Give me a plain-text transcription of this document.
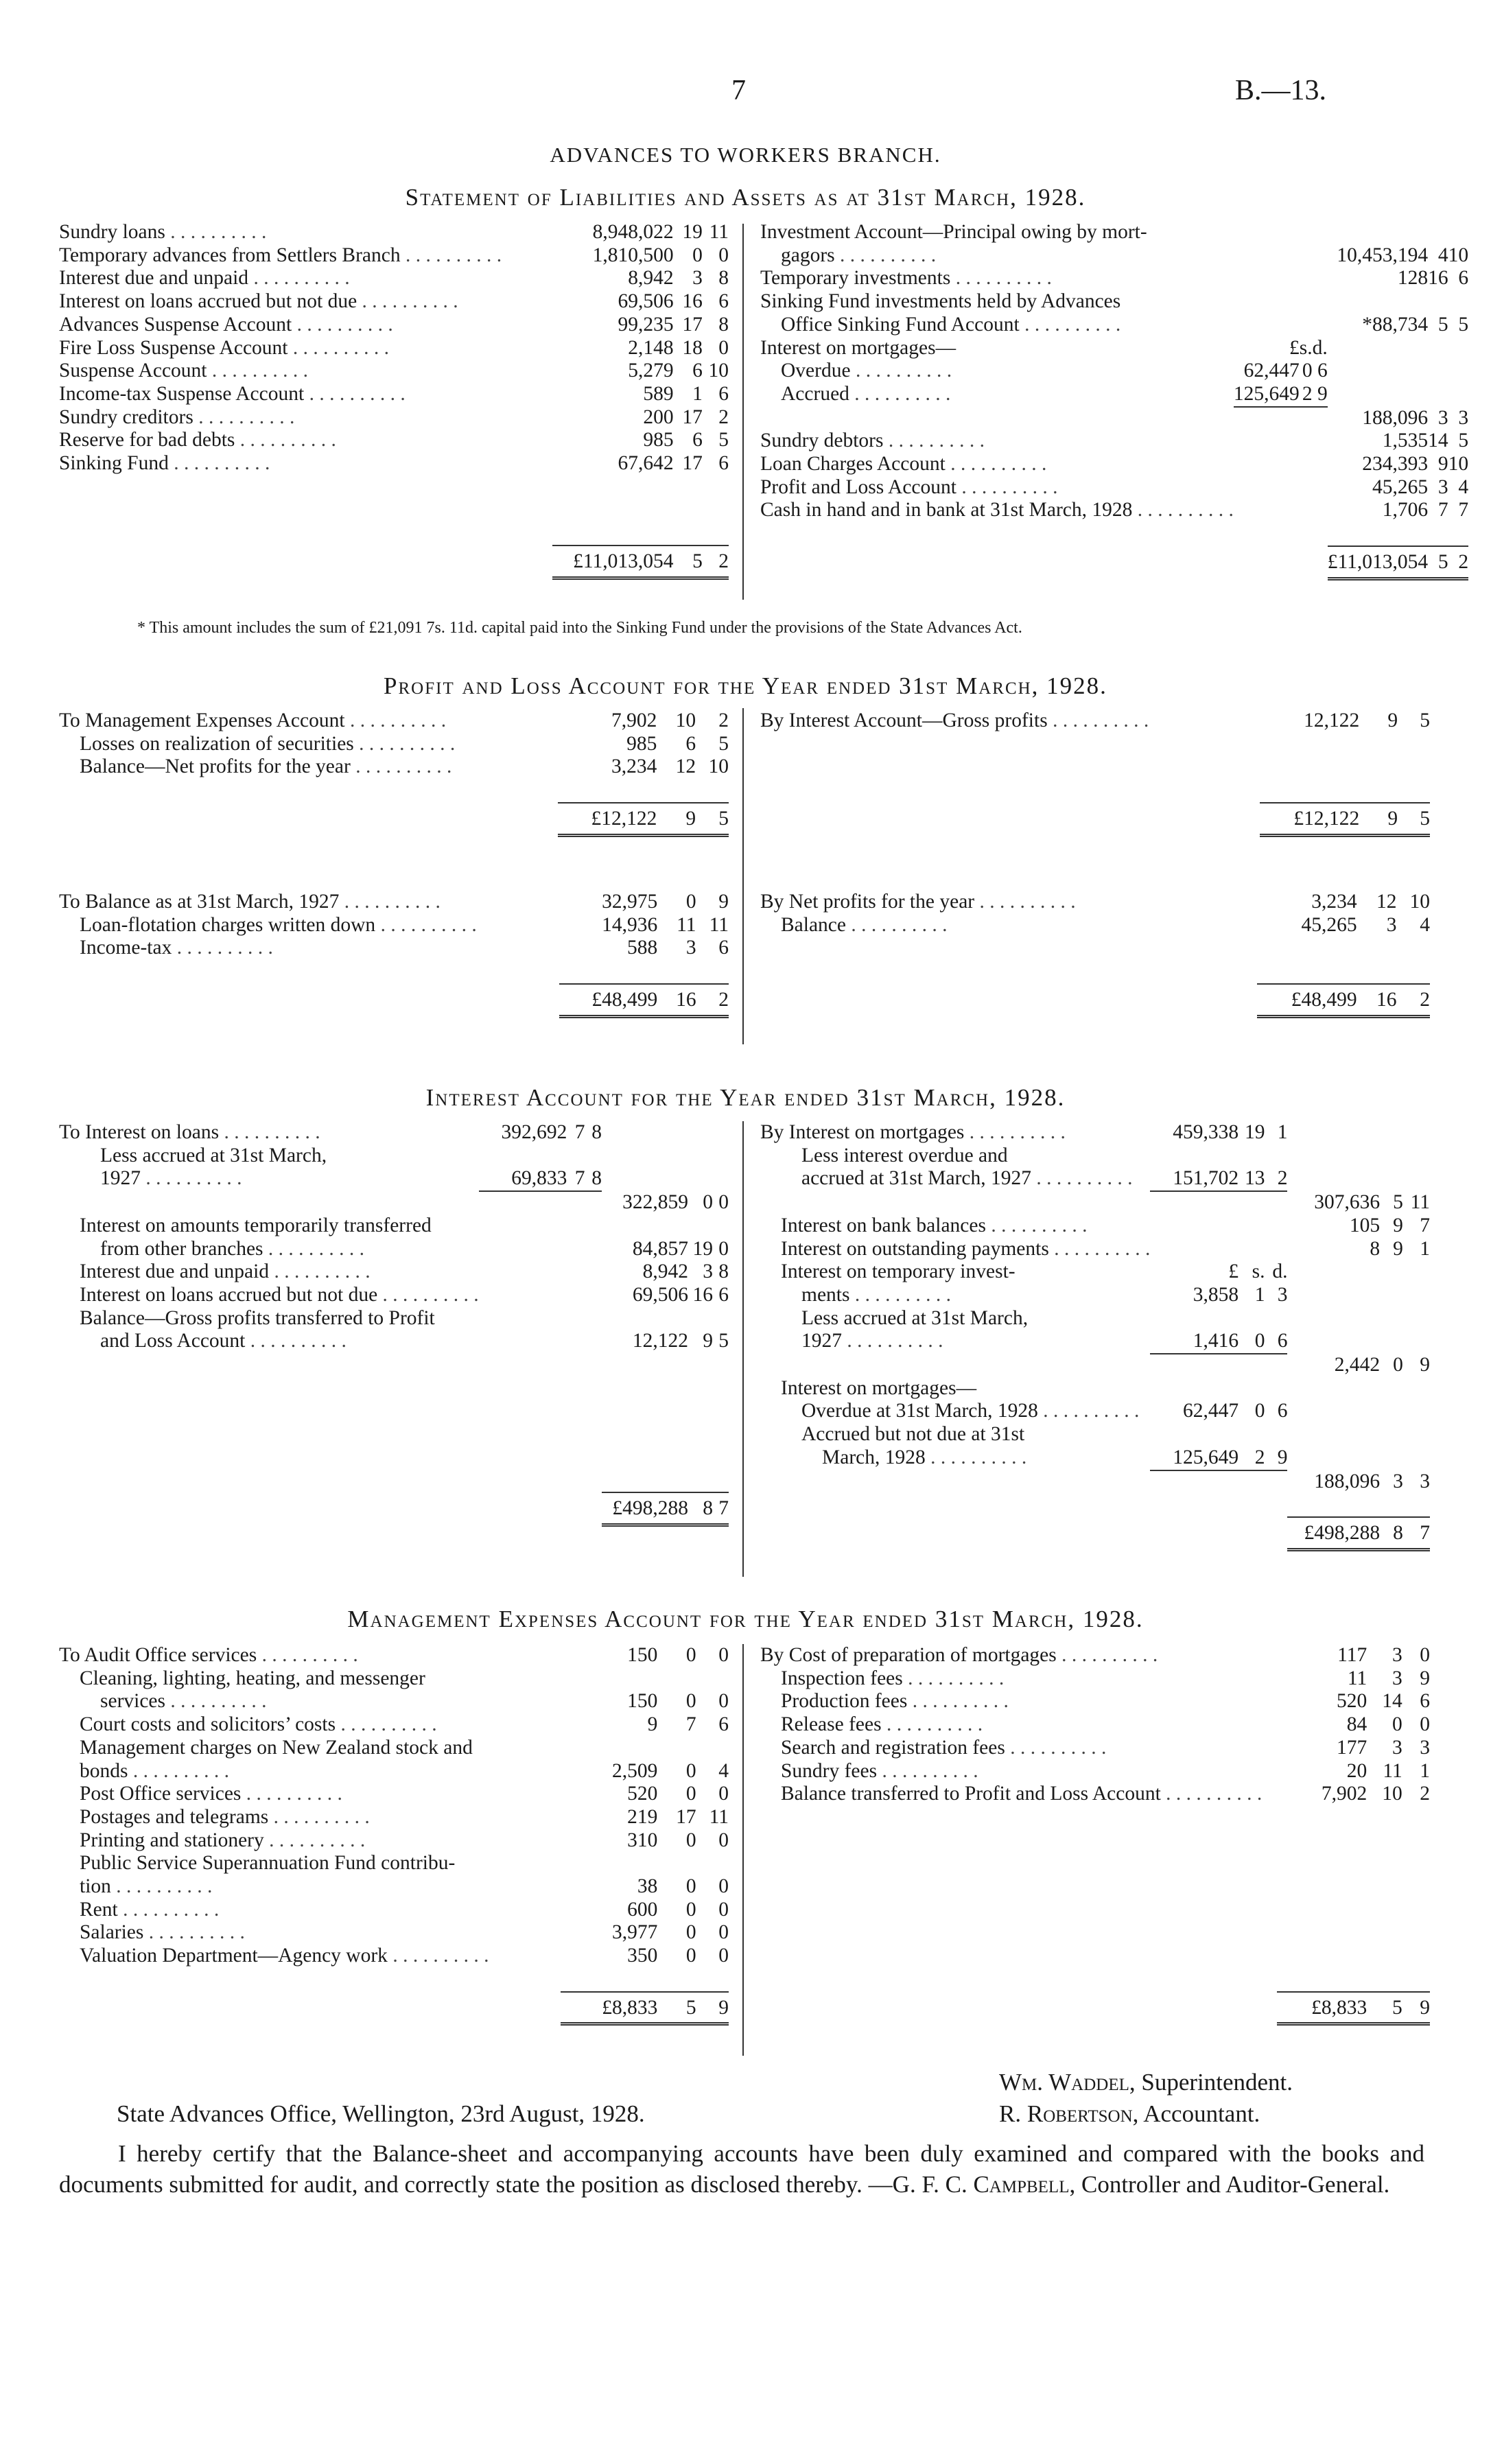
7	B.—13.
ADVANCES TO WORKERS BRANCH.
Statement of Liabilities and Assets as at 31st March, 1928.

Sundry loans . . . . . . . . . .				8,948,022	19	11
Temporary advances from Settlers Branch . . . . . . . . . .				1,810,500	0	0
Interest due and unpaid . . . . . . . . . .				8,942	3	8
Interest on loans accrued but not due . . . . . . . . . .				69,506	16	6
Advances Suspense Account . . . . . . . . . .				99,235	17	8
Fire Loss Suspense Account . . . . . . . . . .				2,148	18	0
Suspense Account . . . . . . . . . .				5,279	6	10
Income-tax Suspense Account . . . . . . . . . .				589	1	6
Sundry creditors . . . . . . . . . .				200	17	2
Reserve for bad debts . . . . . . . . . .				985	6	5
Sinking Fund . . . . . . . . . .				67,642	17	6

				£11,013,054	5	2

Investment Account—Principal owing by mort-						
gagors . . . . . . . . . .				10,453,194	4	10
Temporary investments . . . . . . . . . .				128	16	6
Sinking Fund investments held by Advances						
Office Sinking Fund Account . . . . . . . . . .				*88,734	5	5
Interest on mortgages—	£	s.	d.			
Overdue . . . . . . . . . .	62,447	0	6			
Accrued . . . . . . . . . .	125,649	2	9			
				188,096	3	3
Sundry debtors . . . . . . . . . .				1,535	14	5
Loan Charges Account . . . . . . . . . .				234,393	9	10
Profit and Loss Account . . . . . . . . . .				45,265	3	4
Cash in hand and in bank at 31st March, 1928 . . . . . . . . . .				1,706	7	7

				£11,013,054	5	2
* This amount includes the sum of £21,091 7s. 11d. capital paid into the Sinking Fund under the provisions of the State Advances Act.
Profit and Loss Account for the Year ended 31st March, 1928.

To Management Expenses Account . . . . . . . . . .				7,902	10	2
Losses on realization of securities . . . . . . . . . .				985	6	5
Balance—Net profits for the year . . . . . . . . . .				3,234	12	10

				£12,122	9	5

By Interest Account—Gross profits . . . . . . . . . .				12,122	9	5

				£12,122	9	5

To Balance as at 31st March, 1927 . . . . . . . . . .				32,975	0	9
Loan-flotation charges written down . . . . . . . . . .				14,936	11	11
Income-tax . . . . . . . . . .				588	3	6

				£48,499	16	2

By Net profits for the year . . . . . . . . . .				3,234	12	10
Balance . . . . . . . . . .				45,265	3	4

				£48,499	16	2
Interest Account for the Year ended 31st March, 1928.

To Interest on loans . . . . . . . . . .	392,692	7	8			
Less accrued at 31st March,						
1927 . . . . . . . . . .	69,833	7	8			
				322,859	0	0
Interest on amounts temporarily transferred						
from other branches . . . . . . . . . .				84,857	19	0
Interest due and unpaid . . . . . . . . . .				8,942	3	8
Interest on loans accrued but not due . . . . . . . . . .				69,506	16	6
Balance—Gross profits transferred to Profit						
and Loss Account . . . . . . . . . .				12,122	9	5

				£498,288	8	7

By Interest on mortgages . . . . . . . . . .	459,338	19	1			
Less interest overdue and						
accrued at 31st March, 1927 . . . . . . . . . .	151,702	13	2			
				307,636	5	11
Interest on bank balances . . . . . . . . . .				105	9	7
Interest on outstanding payments . . . . . . . . . .				8	9	1
Interest on temporary invest-	£	s.	d.			
ments . . . . . . . . . .	3,858	1	3			
Less accrued at 31st March,						
1927 . . . . . . . . . .	1,416	0	6			
				2,442	0	9
Interest on mortgages—						
Overdue at 31st March, 1928 . . . . . . . . . .	62,447	0	6			
Accrued but not due at 31st						
March, 1928 . . . . . . . . . .	125,649	2	9			
				188,096	3	3

				£498,288	8	7
Management Expenses Account for the Year ended 31st March, 1928.

To Audit Office services . . . . . . . . . .				150	0	0
Cleaning, lighting, heating, and messenger						
services . . . . . . . . . .				150	0	0
Court costs and solicitors’ costs . . . . . . . . . .				9	7	6
Management charges on New Zealand stock and						
bonds . . . . . . . . . .				2,509	0	4
Post Office services . . . . . . . . . .				520	0	0
Postages and telegrams . . . . . . . . . .				219	17	11
Printing and stationery . . . . . . . . . .				310	0	0
Public Service Superannuation Fund contribu-						
tion . . . . . . . . . .				38	0	0
Rent . . . . . . . . . .				600	0	0
Salaries . . . . . . . . . .				3,977	0	0
Valuation Department—Agency work . . . . . . . . . .				350	0	0

				£8,833	5	9

By Cost of preparation of mortgages . . . . . . . . . .				117	3	0
Inspection fees . . . . . . . . . .				11	3	9
Production fees . . . . . . . . . .				520	14	6
Release fees . . . . . . . . . .				84	0	0
Search and registration fees . . . . . . . . . .				177	3	3
Sundry fees . . . . . . . . . .				20	11	1
Balance transferred to Profit and Loss Account . . . . . . . . . .				7,902	10	2

				£8,833	5	9
Wm. Waddel, Superintendent.
R. Robertson, Accountant.
State Advances Office, Wellington, 23rd August, 1928.
I hereby certify that the Balance-sheet and accompanying accounts have been duly examined and compared with the books and documents submitted for audit, and correctly state the position as disclosed thereby. —G. F. C. Campbell, Controller and Auditor-General.
